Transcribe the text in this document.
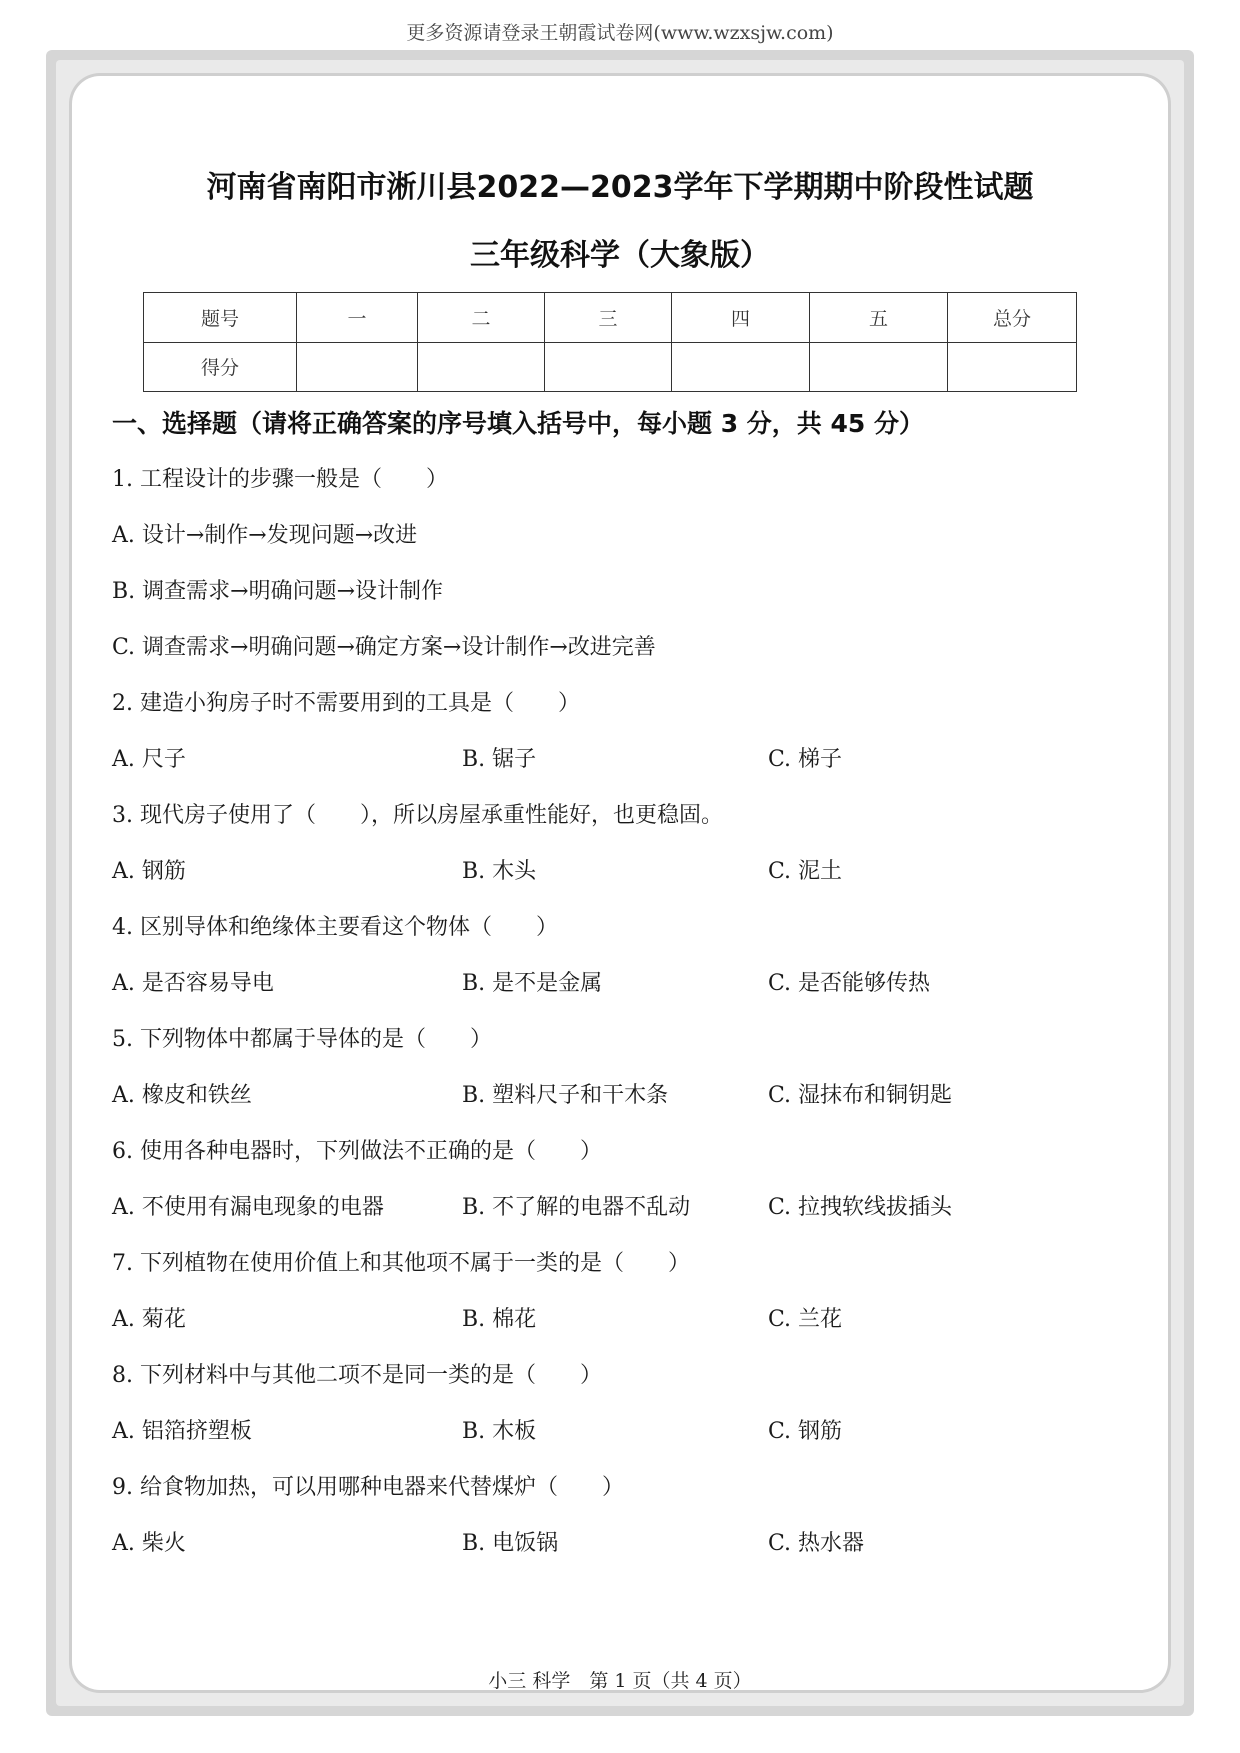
更多资源请登录王朝霞试卷网(www.wzxsjw.com)
河南省南阳市淅川县2022—2023学年下学期期中阶段性试题
三年级科学（大象版）
题号	一	二	三	四	五	总分
得分						
一、选择题（请将正确答案的序号填入括号中，每小题 3 分，共 45 分）
1. 工程设计的步骤一般是（　　）
A. 设计→制作→发现问题→改进
B. 调查需求→明确问题→设计制作
C. 调查需求→明确问题→确定方案→设计制作→改进完善
2. 建造小狗房子时不需要用到的工具是（　　）
A. 尺子	B. 锯子	C. 梯子
3. 现代房子使用了（　　），所以房屋承重性能好，也更稳固。
A. 钢筋	B. 木头	C. 泥土
4. 区别导体和绝缘体主要看这个物体（　　）
A. 是否容易导电	B. 是不是金属	C. 是否能够传热
5. 下列物体中都属于导体的是（　　）
A. 橡皮和铁丝	B. 塑料尺子和干木条	C. 湿抹布和铜钥匙
6. 使用各种电器时，下列做法不正确的是（　　）
A. 不使用有漏电现象的电器	B. 不了解的电器不乱动	C. 拉拽软线拔插头
7. 下列植物在使用价值上和其他项不属于一类的是（　　）
A. 菊花	B. 棉花	C. 兰花
8. 下列材料中与其他二项不是同一类的是（　　）
A. 铝箔挤塑板	B. 木板	C. 钢筋
9. 给食物加热，可以用哪种电器来代替煤炉（　　）
A. 柴火	B. 电饭锅	C. 热水器
小三 科学　第 1 页（共 4 页）
